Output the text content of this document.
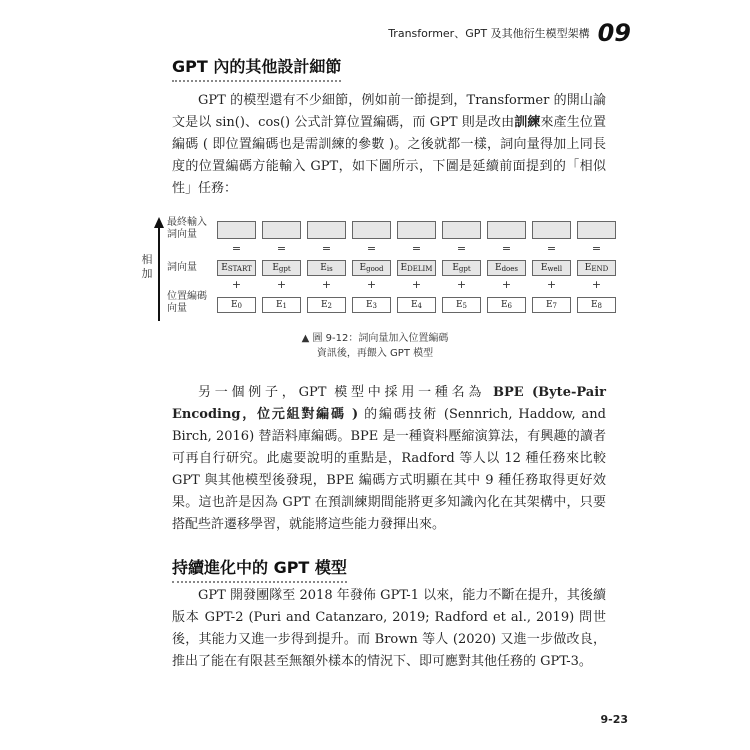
Transformer、GPT 及其他衍生模型架構 09
GPT 內的其他設計細節

GPT 的模型還有不少細節，例如前一節提到，Transformer 的開山論文是以 sin()、cos() 公式計算位置編碼，而 GPT 則是改由訓練來產生位置編碼 ( 即位置編碼也是需訓練的參數 )。之後就都一樣，詞向量得加上同長度的位置編碼方能輸入 GPT，如下圖所示，下圖是延續前面提到的「相似性」任務：

相加
最終輸入詞向量
詞向量
位置編碼向量
=
$E_{START}$
+
$E_0$
=
$E_{gpt}$
+
$E_1$
=
$E_{is}$
+
$E_2$
=
$E_{good}$
+
$E_3$
=
$E_{DELIM}$
+
$E_4$
=
$E_{gpt}$
+
$E_5$
=
$E_{does}$
+
$E_6$
=
$E_{well}$
+
$E_7$
=
$E_{END}$
+
$E_8$
▲ 圖 9-12：詞向量加入位置編碼
資訊後，再餵入 GPT 模型

另一個例子，GPT 模型中採用一種名為 BPE (Byte-Pair Encoding，位元組對編碼 ) 的編碼技術 (Sennrich, Haddow, and Birch, 2016) 替語料庫編碼。BPE 是一種資料壓縮演算法，有興趣的讀者可再自行研究。此處要說明的重點是，Radford 等人以 12 種任務來比較 GPT 與其他模型後發現，BPE 編碼方式明顯在其中 9 種任務取得更好效果。這也許是因為 GPT 在預訓練期間能將更多知識內化在其架構中，只要搭配些許遷移學習，就能將這些能力發揮出來。

持續進化中的 GPT 模型

GPT 開發團隊至 2018 年發佈 GPT-1 以來，能力不斷在提升，其後續版本 GPT-2 (Puri and Catanzaro, 2019; Radford et al., 2019) 問世後，其能力又進一步得到提升。而 Brown 等人 (2020) 又進一步做改良，推出了能在有限甚至無額外樣本的情況下、即可應對其他任務的 GPT-3。

9-23
